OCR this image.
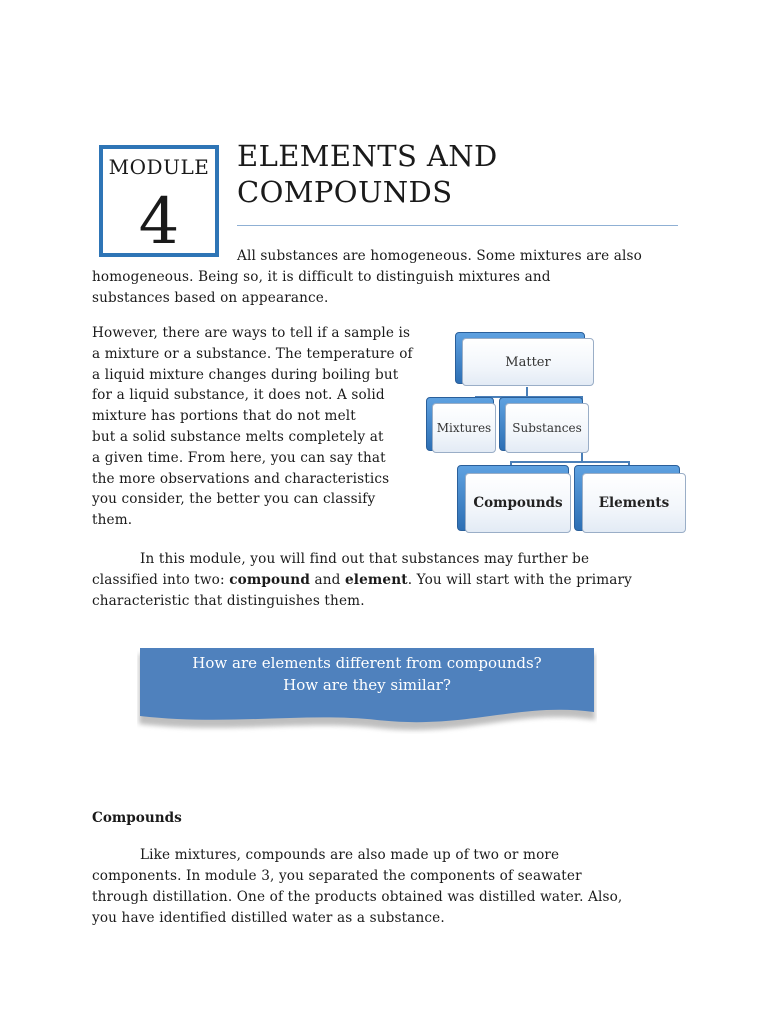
MODULE
4
ELEMENTS AND
COMPOUNDS
All substances are homogeneous. Some mixtures are also
homogeneous. Being so, it is difficult to distinguish mixtures and
substances based on appearance.
However, there are ways to tell if a sample is
a mixture or a substance. The temperature of
a liquid mixture changes during boiling but
for a liquid substance, it does not. A solid
mixture has portions that do not melt
but a solid substance melts completely at
a given time. From here, you can say that
the more observations and characteristics
you consider, the better you can classify
them.
Matter
Mixtures	Substances
Compounds	Elements
In this module, you will find out that substances may further be
classified into two: compound and element. You will start with the primary
characteristic that distinguishes them.
How are elements different from compounds?
How are they similar?
Compounds
Like mixtures, compounds are also made up of two or more
components. In module 3, you separated the components of seawater
through distillation. One of the products obtained was distilled water. Also,
you have identified distilled water as a substance.
